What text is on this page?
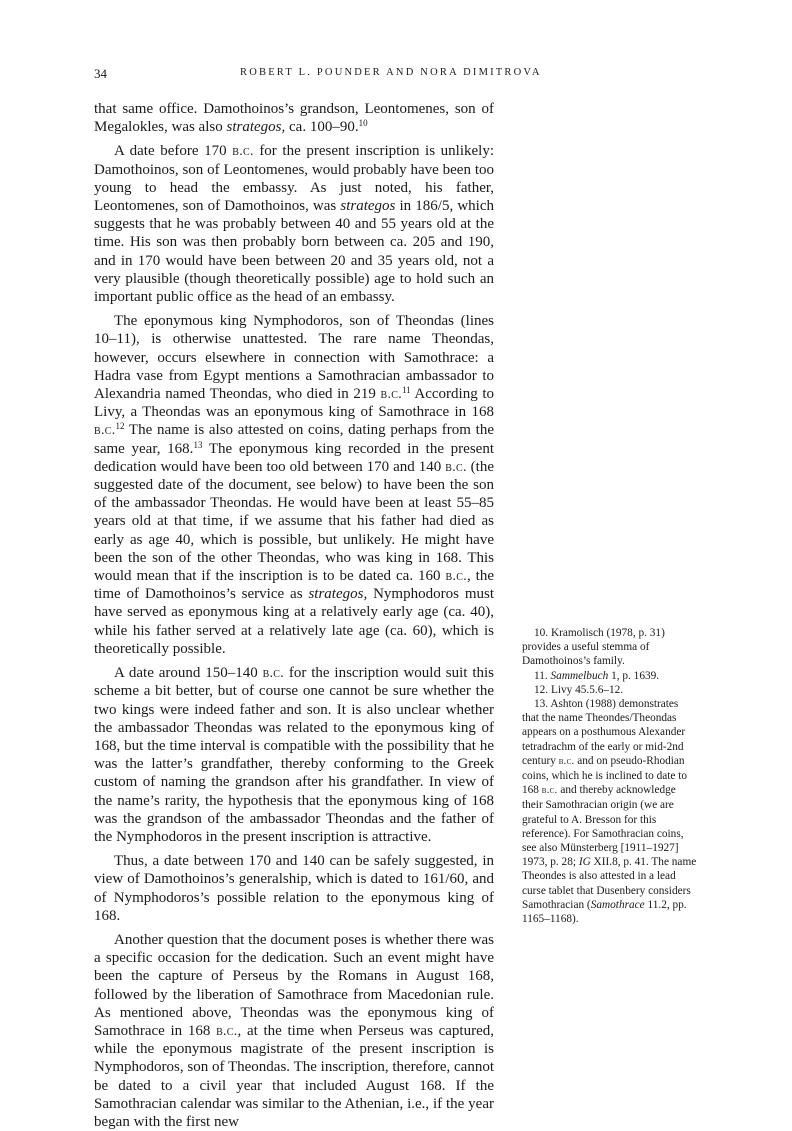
34	ROBERT L. POUNDER AND NORA DIMITROVA

that same office. Damothoinos’s grandson, Leontomenes, son of Megalokles, was also strategos, ca. 100–90.10

A date before 170 b.c. for the present inscription is unlikely: Damothoinos, son of Leontomenes, would probably have been too young to head the embassy. As just noted, his father, Leontomenes, son of Damothoinos, was strategos in 186/5, which suggests that he was probably between 40 and 55 years old at the time. His son was then probably born between ca. 205 and 190, and in 170 would have been between 20 and 35 years old, not a very plausible (though theoretically possible) age to hold such an important public office as the head of an embassy.

The eponymous king Nymphodoros, son of Theondas (lines 10–11), is otherwise unattested. The rare name Theondas, however, occurs elsewhere in connection with Samothrace: a Hadra vase from Egypt mentions a Samothracian ambassador to Alexandria named Theondas, who died in 219 b.c.$^{11}$ According to Livy, a Theondas was an eponymous king of Samothrace in 168 b.c.$^{12}$ The name is also attested on coins, dating perhaps from the same year, 168.13 The eponymous king recorded in the present dedication would have been too old between 170 and 140 b.c. (the suggested date of the document, see below) to have been the son of the ambassador Theondas. He would have been at least 55–85 years old at that time, if we assume that his father had died as early as age 40, which is possible, but unlikely. He might have been the son of the other Theondas, who was king in 168. This would mean that if the inscription is to be dated ca. 160 b.c., the time of Damothoinos’s service as strategos, Nymphodoros must have served as eponymous king at a relatively early age (ca. 40), while his father served at a relatively late age (ca. 60), which is theoretically possible.

A date around 150–140 b.c. for the inscription would suit this scheme a bit better, but of course one cannot be sure whether the two kings were indeed father and son. It is also unclear whether the ambassador Theondas was related to the eponymous king of 168, but the time interval is compatible with the possibility that he was the latter’s grandfather, thereby conforming to the Greek custom of naming the grandson after his grandfather. In view of the name’s rarity, the hypothesis that the eponymous king of 168 was the grandson of the ambassador Theondas and the father of the Nymphodoros in the present inscription is attractive.

Thus, a date between 170 and 140 can be safely suggested, in view of Damothoinos’s generalship, which is dated to 161/60, and of Nymphodoros’s possible relation to the eponymous king of 168.

Another question that the document poses is whether there was a specific occasion for the dedication. Such an event might have been the capture of Perseus by the Romans in August 168, followed by the liberation of Samothrace from Macedonian rule. As mentioned above, Theondas was the eponymous king of Samothrace in 168 b.c., at the time when Perseus was captured, while the eponymous magistrate of the present inscription is Nymphodoros, son of Theondas. The inscription, therefore, cannot be dated to a civil year that included August 168. If the Samothracian calendar was similar to the Athenian, i.e., if the year began with the first new

10. Kramolisch (1978, p. 31) provides a useful stemma of Damothoinos’s family.

11. Sammelbuch 1, p. 1639.

12. Livy 45.5.6–12.

13. Ashton (1988) demonstrates that the name Theondes/Theondas appears on a posthumous Alexander tetradrachm of the early or mid-2nd century b.c. and on pseudo-Rhodian coins, which he is inclined to date to 168 b.c. and thereby acknowledge their Samothracian origin (we are grateful to A. Bresson for this reference). For Samothracian coins, see also Münsterberg [1911–1927] 1973, p. 28; IG XII.8, p. 41. The name Theondes is also attested in a lead curse tablet that Dusenbery considers Samothracian (Samothrace 11.2, pp. 1165–1168).
